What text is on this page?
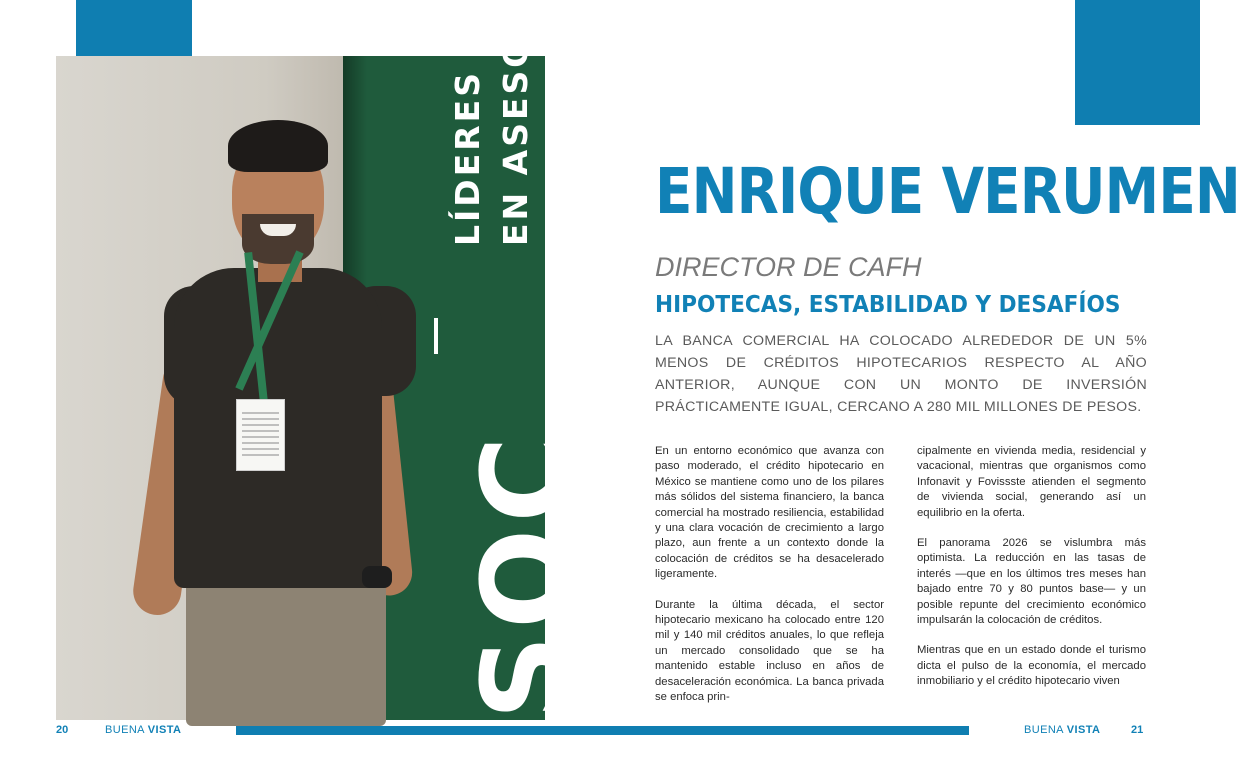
LÍDERES EN ASESO FINANCI
SOC
ENRIQUE VERUMEN
DIRECTOR DE CAFH
HIPOTECAS, ESTABILIDAD Y DESAFÍOS
LA BANCA COMERCIAL HA COLOCADO ALREDEDOR DE UN 5% MENOS DE CRÉDITOS HIPOTECARIOS RESPECTO AL AÑO ANTERIOR, AUNQUE CON UN MONTO DE INVERSIÓN PRÁCTICAMENTE IGUAL, CERCANO A 280 MIL MILLONES DE PESOS.

En un entorno económico que avanza con paso moderado, el crédito hipotecario en México se mantiene como uno de los pilares más sólidos del sistema financiero, la banca comercial ha mostrado resiliencia, estabilidad y una clara vocación de crecimiento a largo plazo, aun frente a un contexto donde la colocación de créditos se ha desacelerado ligeramente.

Durante la última década, el sector hipotecario mexicano ha colocado entre 120 mil y 140 mil créditos anuales, lo que refleja un mercado consolidado que se ha mantenido estable incluso en años de desaceleración económica. La banca privada se enfoca prin-

cipalmente en vivienda media, residencial y vacacional, mientras que organismos como Infonavit y Fovissste atienden el segmento de vivienda social, generando así un equilibrio en la oferta.

El panorama 2026 se vislumbra más optimista. La reducción en las tasas de interés —que en los últimos tres meses han bajado entre 70 y 80 puntos base— y un posible repunte del crecimiento económico impulsarán la colocación de créditos.

Mientras que en un estado donde el turismo dicta el pulso de la economía, el mercado inmobiliario y el crédito hipotecario viven

20	BUENA VISTA	BUENA VISTA	21
